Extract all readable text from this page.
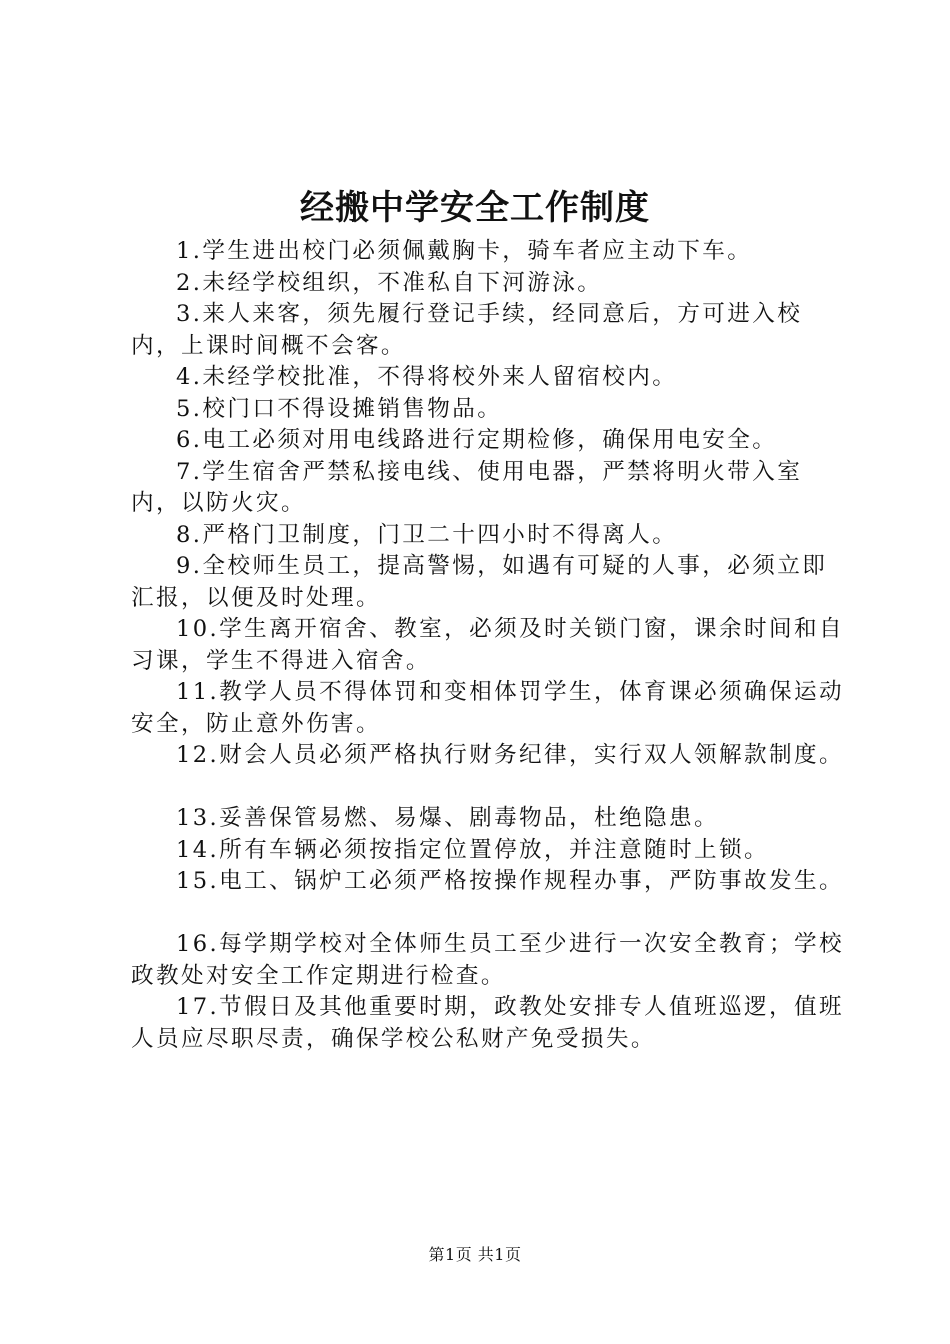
经搬中学安全工作制度

1.学生进出校门必须佩戴胸卡，骑车者应主动下车。

2.未经学校组织，不准私自下河游泳。

3.来人来客，须先履行登记手续，经同意后，方可进入校内，上课时间概不会客。

4.未经学校批准，不得将校外来人留宿校内。

5.校门口不得设摊销售物品。

6.电工必须对用电线路进行定期检修，确保用电安全。

7.学生宿舍严禁私接电线、使用电器，严禁将明火带入室内，以防火灾。

8.严格门卫制度，门卫二十四小时不得离人。

9.全校师生员工，提高警惕，如遇有可疑的人事，必须立即汇报，以便及时处理。

10.学生离开宿舍、教室，必须及时关锁门窗，课余时间和自习课，学生不得进入宿舍。

11.教学人员不得体罚和变相体罚学生，体育课必须确保运动安全，防止意外伤害。

12.财会人员必须严格执行财务纪律，实行双人领解款制度。

13.妥善保管易燃、易爆、剧毒物品，杜绝隐患。

14.所有车辆必须按指定位置停放，并注意随时上锁。

15.电工、锅炉工必须严格按操作规程办事，严防事故发生。

16.每学期学校对全体师生员工至少进行一次安全教育；学校政教处对安全工作定期进行检查。

17.节假日及其他重要时期，政教处安排专人值班巡逻，值班人员应尽职尽责，确保学校公私财产免受损失。

第1页 共1页
